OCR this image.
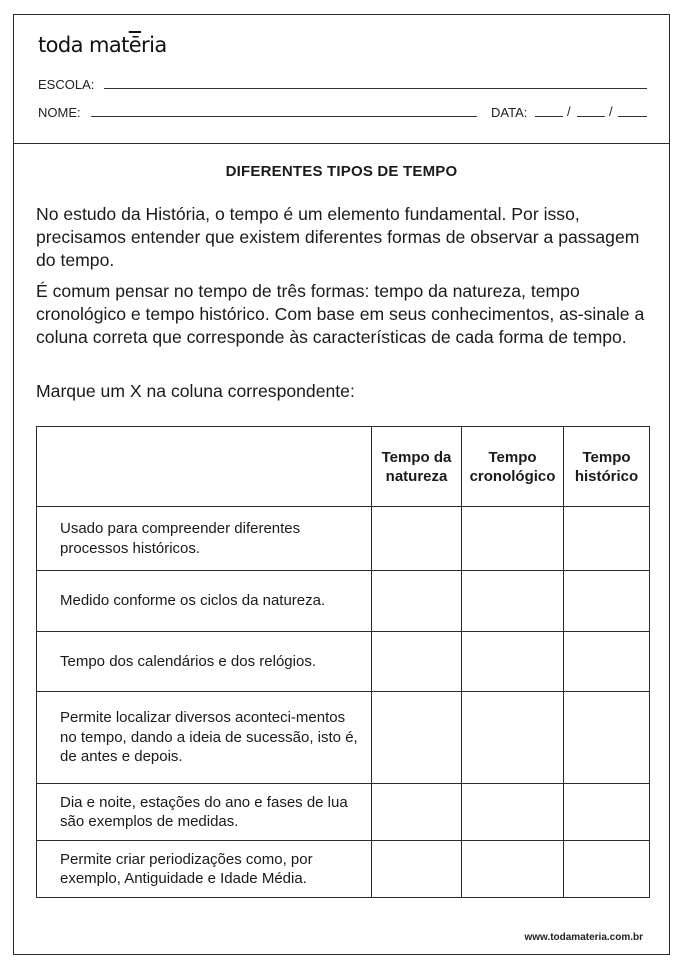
toda $mat\overline{ē}ria$
ESCOLA:
NOME:	DATA:	/	/
DIFERENTES TIPOS DE TEMPO
No estudo da História, o tempo é um elemento fundamental. Por isso, precisamos entender que existem diferentes formas de observar a passagem do tempo.
É comum pensar no tempo de três formas: tempo da natureza, tempo cronológico e tempo histórico. Com base em seus conhecimentos, as-sinale a coluna correta que corresponde às características de cada forma de tempo.
Marque um X na coluna correspondente:
	Tempo da natureza	Tempo cronológico	Tempo histórico
Usado para compreender diferentes processos históricos.			
Medido conforme os ciclos da natureza.			
Tempo dos calendários e dos relógios.			
Permite localizar diversos aconteci-mentos no tempo, dando a ideia de sucessão, isto é, de antes e depois.			
Dia e noite, estações do ano e fases de lua são exemplos de medidas.			
Permite criar periodizações como, por exemplo, Antiguidade e Idade Média.			
www.todamateria.com.br
